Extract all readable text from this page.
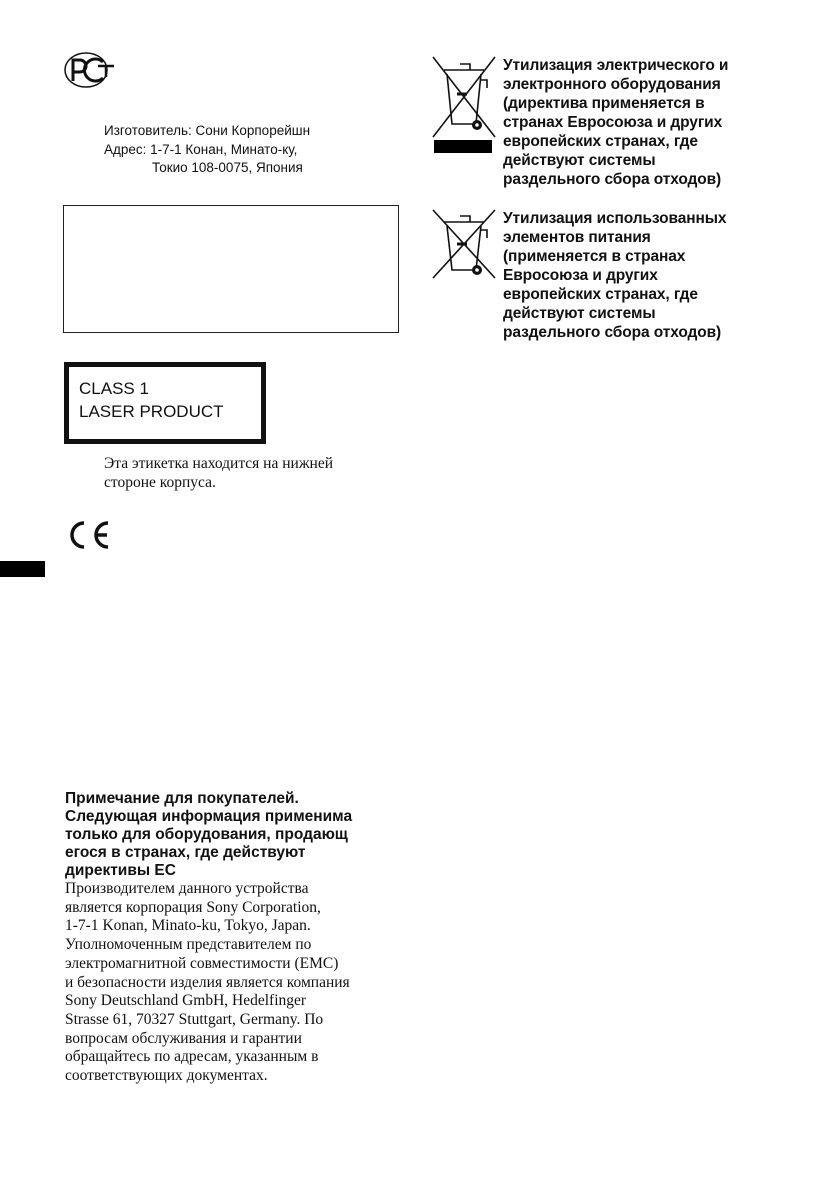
Изготовитель: Сони Корпорейшн
Адрес: 1-7-1 Конан, Минато-ку,
Токио 108-0075, Япония
CLASS 1
LASER PRODUCT
Эта этикетка находится на нижней
стороне корпуса.
Утилизация электрического и
электронного оборудования
(директива применяется в
странах Евросоюза и других
европейских странах, где
действуют системы
раздельного сбора отходов)
Утилизация использованных
элементов питания
(применяется в странах
Евросоюза и других
европейских странах, где
действуют системы
раздельного сбора отходов)
Примечание для покупателей.
Следующая информация применима
только для оборудования, продающ
егося в странах, где действуют
директивы ЕС
Производителем данного устройства
является корпорация Sony Corporation,
1-7-1 Konan, Minato-ku, Tokyo, Japan.
Уполномоченным представителем по
электромагнитной совместимости (EMC)
и безопасности изделия является компания
Sony Deutschland GmbH, Hedelfinger
Strasse 61, 70327 Stuttgart, Germany. По
вопросам обслуживания и гарантии
обращайтесь по адресам, указанным в
соответствующих документах.
